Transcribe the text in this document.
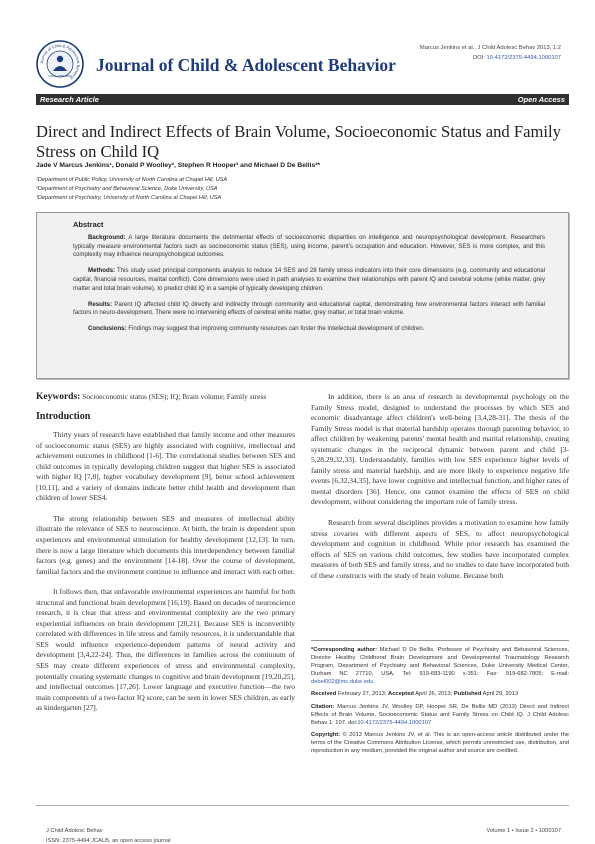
Journal of Child & Adolescent Behavior
ISSN: 2375-4494
Journal of Child & Adolescent Behavior
Marcus Jenkins et al., J Child Adolesc Behav 2013, 1:2
DOI: 10.4172/2375-4494.1000107
Research Article	Open Access
Direct and Indirect Effects of Brain Volume, Socioeconomic Status and Family Stress on Child IQ
Jade V Marcus Jenkins¹, Donald P Woolley², Stephen R Hooper³ and Michael D De Bellis²*
¹Department of Public Policy, University of North Carolina at Chapel Hill, USA
²Department of Psychiatry and Behavioral Science, Duke University, USA
³Department of Psychiatry, University of North Carolina at Chapel Hill, USA
Abstract

Background: A large literature documents the detrimental effects of socioeconomic disparities on intelligence and neuropsychological development. Researchers typically measure environmental factors such as socioeconomic status (SES), using income, parent's occupation and education. However, SES is more complex, and this complexity may influence neuropsychological outcomes.

Methods: This study used principal components analysis to reduce 14 SES and 28 family stress indicators into their core dimensions (e.g. community and educational capital, financial resources, marital conflict). Core dimensions were used in path analyses to examine their relationships with parent IQ and cerebral volume (white matter, grey matter and total brain volume), to predict child IQ in a sample of typically developing children.

Results: Parent IQ affected child IQ directly and indirectly through community and educational capital, demonstrating how environmental factors interact with familial factors in neuro-development. There were no intervening effects of cerebral white matter, grey matter, or total brain volume.

Conclusions: Findings may suggest that improving community resources can foster the intellectual development of children.

Keywords: Socioeconomic status (SES); IQ; Brain volume; Family stress

Introduction

Thirty years of research have established that family income and other measures of socioeconomic status (SES) are highly associated with cognitive, intellectual and achievement outcomes in childhood [1-6]. The correlational studies between SES and child outcomes in typically developing children suggest that higher SES is associated with higher IQ [7,8], higher vocabulary development [9], better school achievement [10,11], and a variety of domains indicate better child health and development than children of lower SES4.

The strong relationship between SES and measures of intellectual ability illustrate the relevance of SES to neuroscience. At birth, the brain is dependent upon experiences and environmental stimulation for healthy development [12,13]. In turn, there is now a large literature which documents this interdependency between familial factors (e.g. genes) and the environment [14-18]. Over the course of development, familial factors and the environment continue to influence and interact with each other.

It follows then, that unfavorable environmental experiences are harmful for both structural and functional brain development [16,19]. Based on decades of neuroscience research, it is clear that stress and environmental complexity are the two primary experiential influences on brain development [20,21]. Because SES is inconvertibly correlated with differences in life stress and family resources, it is understandable that SES would influence experience-dependent patterns of neural activity and development [3,4,22-24]. Thus, the differences in families across the continuum of SES may create different experiences of stress and environmental complexity, potentially creating systematic changes to cognitive and brain development [19,20,25], and intellectual outcomes [17,26]. Lower language and executive function—the two main components of a two-factor IQ score, can be seen in lower SES children, as early as kindergarten [27].

In addition, there is an area of research in developmental psychology on the Family Stress model, designed to understand the processes by which SES and economic disadvantage affect children's well-being [3,4,28-31]. The thesis of the Family Stress model is that material hardship operates through parenting behavior, to affect children by weakening parents' mental health and marital relationship, creating systematic changes in the reciprocal dynamic between parent and child [3-5,28,29,32,33]. Understandably, families with low SES experience higher levels of family stress and material hardship, and are more likely to experience negative life events [6,32,34,35], have lower cognitive and intellectual function, and higher rates of mental disorders [36]. Hence, one cannot examine the effects of SES on child development, without considering the important role of family stress.

Research from several disciplines provides a motivation to examine how family stress covaries with different aspects of SES, to affect neuropsychological development and cognition in childhood. While prior research has examined the effects of SES on various child outcomes, few studies have incorporated complex measures of both SES and family stress, and no studies to date have incorporated both of these constructs with the study of brain volume. Because both

*Corresponding author: Michael D De Bellis, Professor of Psychiatry and Behavioral Sciences, Director Healthy Childhood Brain Development and Developmental Traumatology Research Program, Department of Psychiatry and Behavioral Sciences, Duke University Medical Center, Durham NC 27710, USA, Tel: 919-683-1190 x-351; Fax: 919-682-7805; E-mail: debel002@mc.duke.edu

Received February 27, 2013; Accepted April 26, 2013; Published April 29, 2013

Citation: Marcus Jenkins JV, Woolley DP, Hooper SR, De Bellis MD (2013) Direct and Indirect Effects of Brain Volume, Socioeconomic Status and Family Stress on Child IQ. J Child Adolesc Behav 1: 107. doi:10.4172/2375-4494.1000107

Copyright: © 2013 Marcus Jenkins JV, et al. This is an open-access article distributed under the terms of the Creative Commons Attribution License, which permits unrestricted use, distribution, and reproduction in any medium, provided the original author and source are credited.

J Child Adolesc Behav
ISSN: 2375-4494 JCALB, an open access journal
Volume 1 • Issue 2 • 1000107
